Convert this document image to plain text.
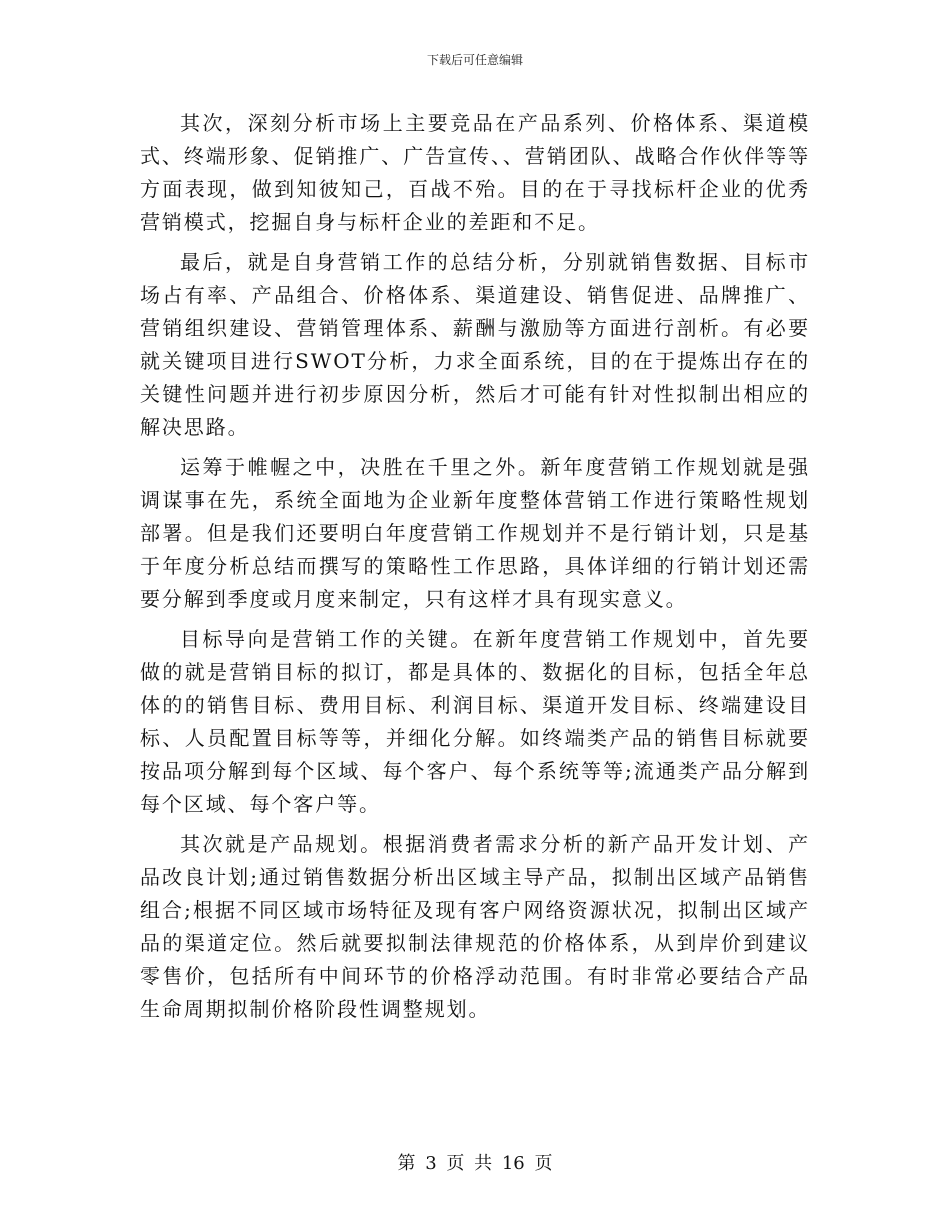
下载后可任意编辑

其次，深刻分析市场上主要竞品在产品系列、价格体系、渠道模式、终端形象、促销推广、广告宣传、、营销团队、战略合作伙伴等等方面表现，做到知彼知己，百战不殆。目的在于寻找标杆企业的优秀营销模式，挖掘自身与标杆企业的差距和不足。

最后，就是自身营销工作的总结分析，分别就销售数据、目标市场占有率、产品组合、价格体系、渠道建设、销售促进、品牌推广、营销组织建设、营销管理体系、薪酬与激励等方面进行剖析。有必要就关键项目进行SWOT分析，力求全面系统，目的在于提炼出存在的关键性问题并进行初步原因分析，然后才可能有针对性拟制出相应的解决思路。

运筹于帷幄之中，决胜在千里之外。新年度营销工作规划就是强调谋事在先，系统全面地为企业新年度整体营销工作进行策略性规划部署。但是我们还要明白年度营销工作规划并不是行销计划，只是基于年度分析总结而撰写的策略性工作思路，具体详细的行销计划还需要分解到季度或月度来制定，只有这样才具有现实意义。

目标导向是营销工作的关键。在新年度营销工作规划中，首先要做的就是营销目标的拟订，都是具体的、数据化的目标，包括全年总体的的销售目标、费用目标、利润目标、渠道开发目标、终端建设目标、人员配置目标等等，并细化分解。如终端类产品的销售目标就要按品项分解到每个区域、每个客户、每个系统等等;流通类产品分解到每个区域、每个客户等。

其次就是产品规划。根据消费者需求分析的新产品开发计划、产品改良计划;通过销售数据分析出区域主导产品，拟制出区域产品销售组合;根据不同区域市场特征及现有客户网络资源状况，拟制出区域产品的渠道定位。然后就要拟制法律规范的价格体系，从到岸价到建议零售价，包括所有中间环节的价格浮动范围。有时非常必要结合产品生命周期拟制价格阶段性调整规划。

第 3 页 共 16 页
